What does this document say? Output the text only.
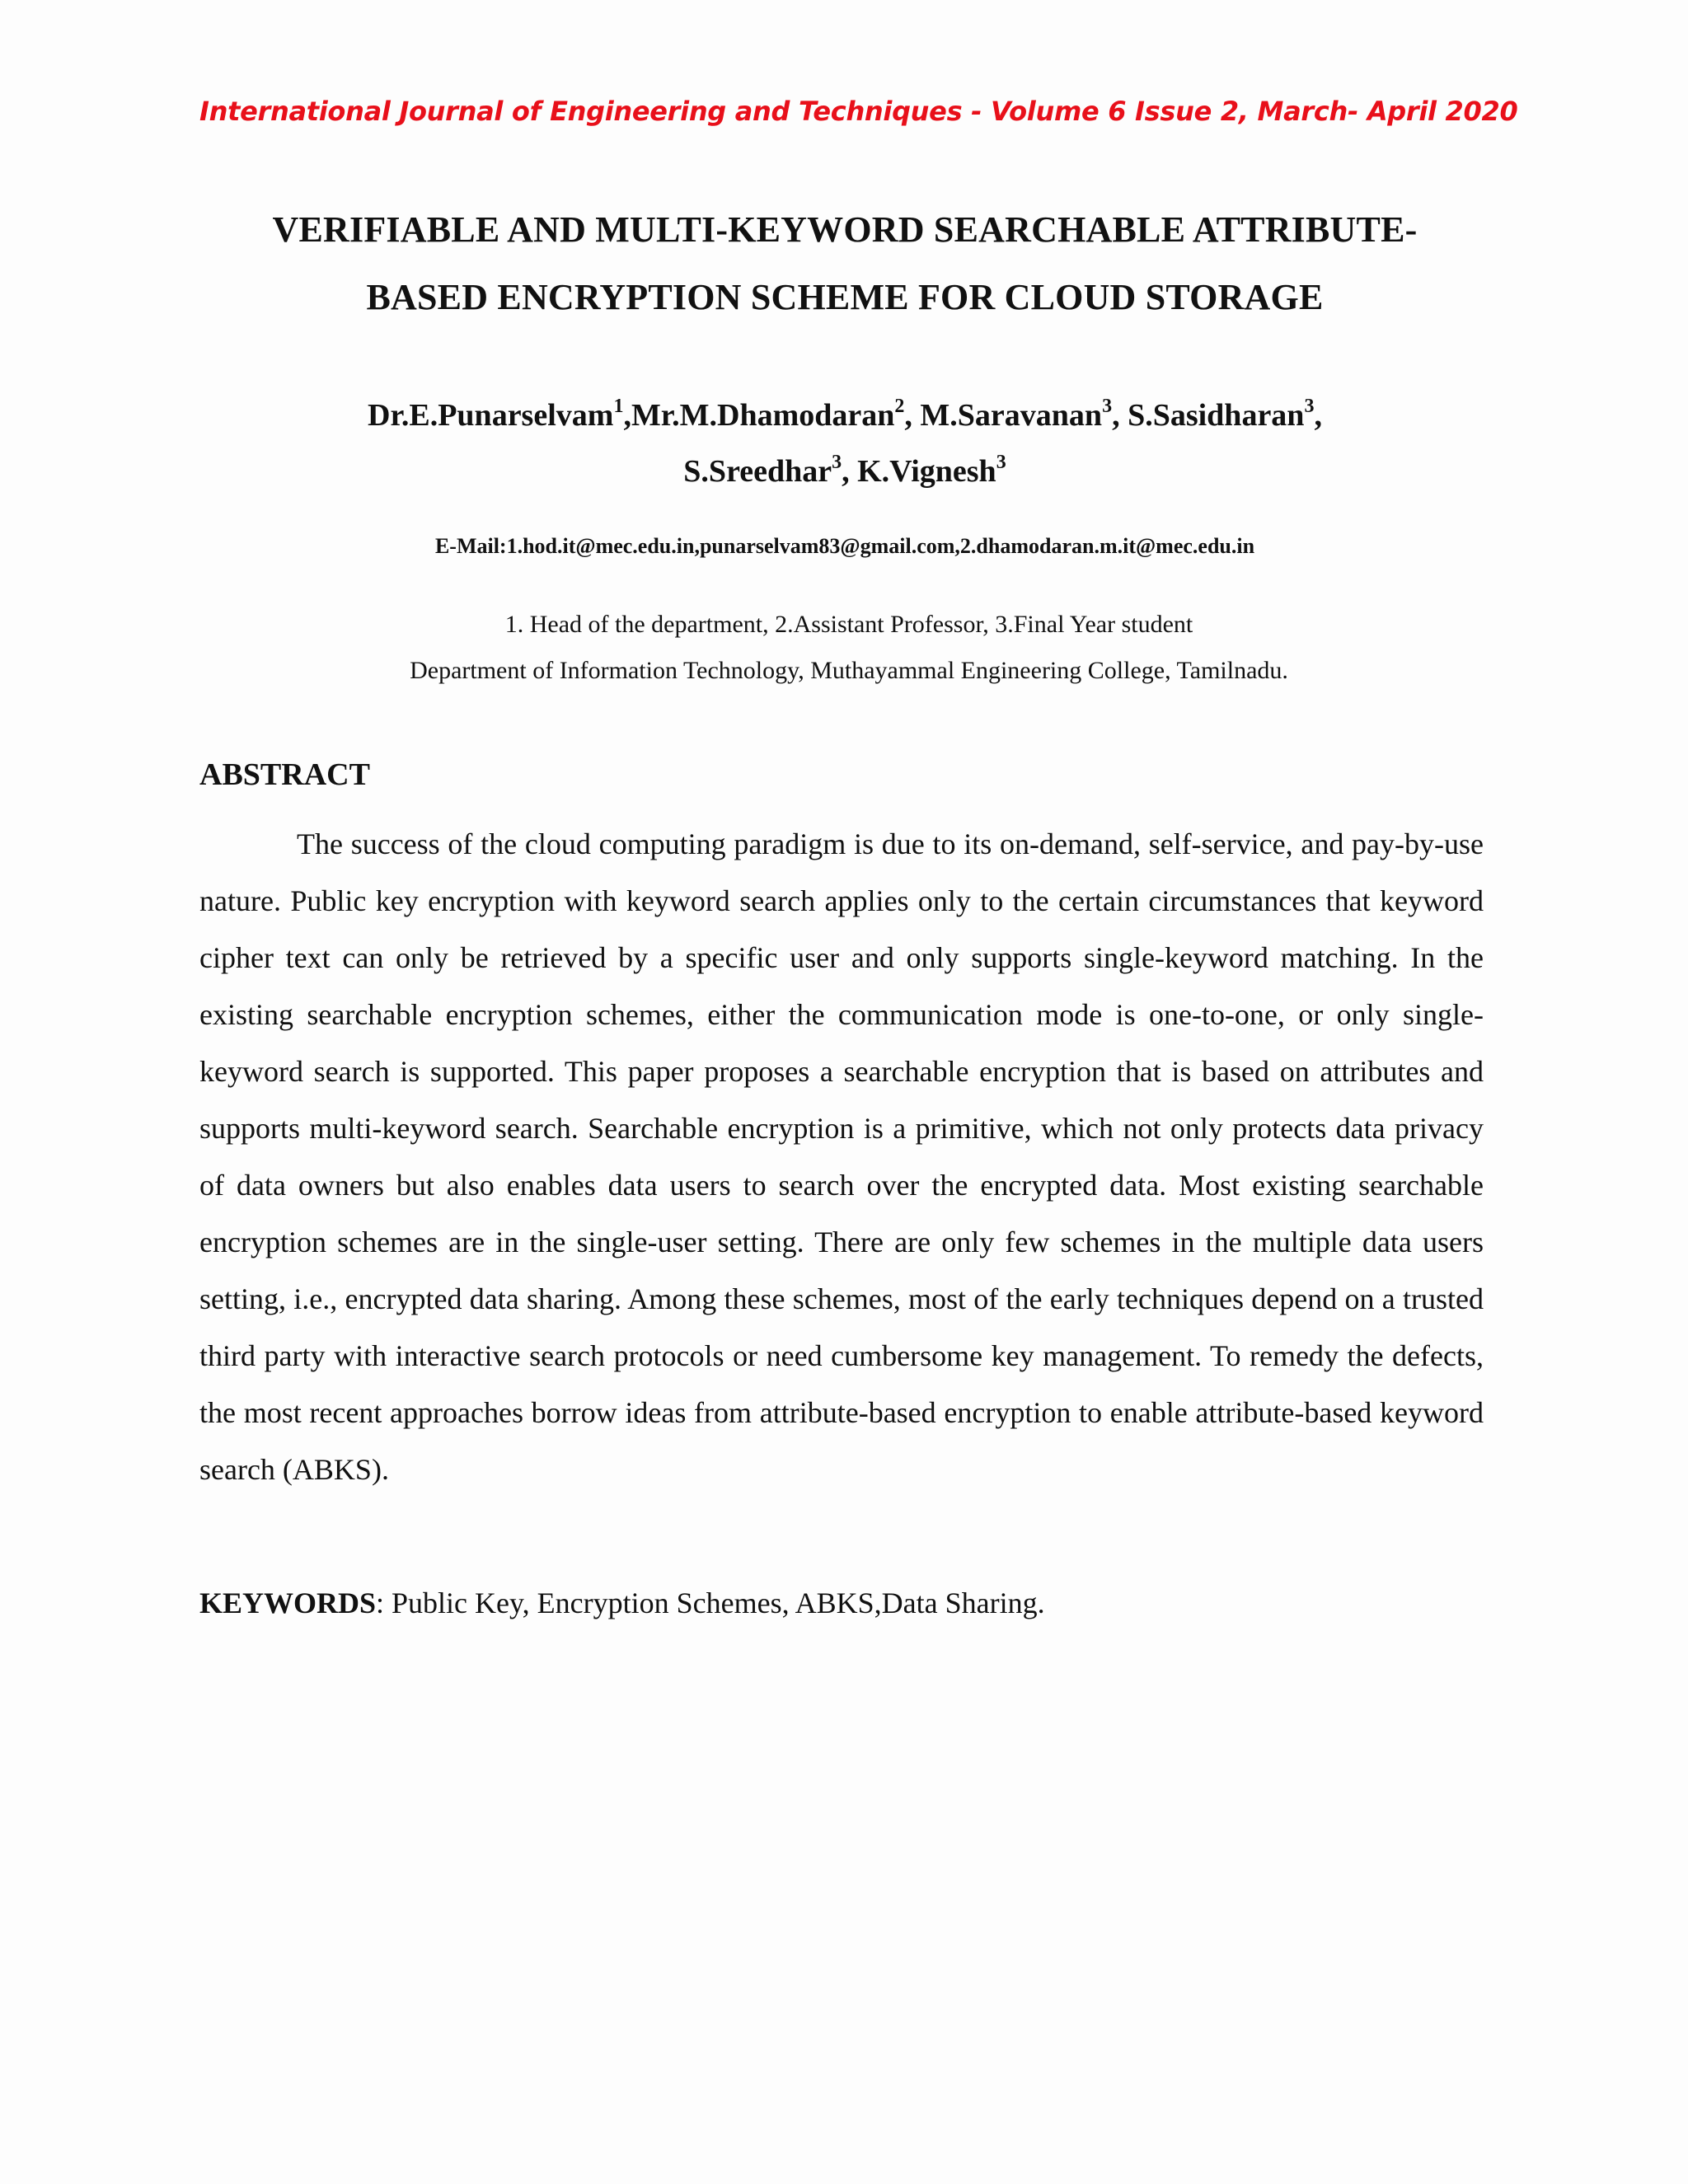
International Journal of Engineering and Techniques - Volume 6 Issue 2, March- April 2020
VERIFIABLE AND MULTI-KEYWORD SEARCHABLE ATTRIBUTE-
BASED ENCRYPTION SCHEME FOR CLOUD STORAGE
Dr.E.Punarselvam$^1$,Mr.M.Dhamodaran$^2$, M.Saravanan$^3$, S.Sasidharan$^3$,
S.Sreedhar$^3$, K.Vignesh$^3$
E-Mail:1.hod.it@mec.edu.in,punarselvam83@gmail.com,2.dhamodaran.m.it@mec.edu.in
1. Head of the department, 2.Assistant Professor, 3.Final Year student
Department of Information Technology, Muthayammal Engineering College, Tamilnadu.
ABSTRACT

The success of the cloud computing paradigm is due to its on-demand, self-service, and pay-by-use nature. Public key encryption with keyword search applies only to the certain circumstances that keyword cipher text can only be retrieved by a specific user and only supports single-keyword matching. In the existing searchable encryption schemes, either the communication mode is one-to-one, or only single-keyword search is supported. This paper proposes a searchable encryption that is based on attributes and supports multi-keyword search. Searchable encryption is a primitive, which not only protects data privacy of data owners but also enables data users to search over the encrypted data. Most existing searchable encryption schemes are in the single-user setting. There are only few schemes in the multiple data users setting, i.e., encrypted data sharing. Among these schemes, most of the early techniques depend on a trusted third party with interactive search protocols or need cumbersome key management. To remedy the defects, the most recent approaches borrow ideas from attribute-based encryption to enable attribute-based keyword search (ABKS).

KEYWORDS: Public Key, Encryption Schemes, ABKS,Data Sharing.
